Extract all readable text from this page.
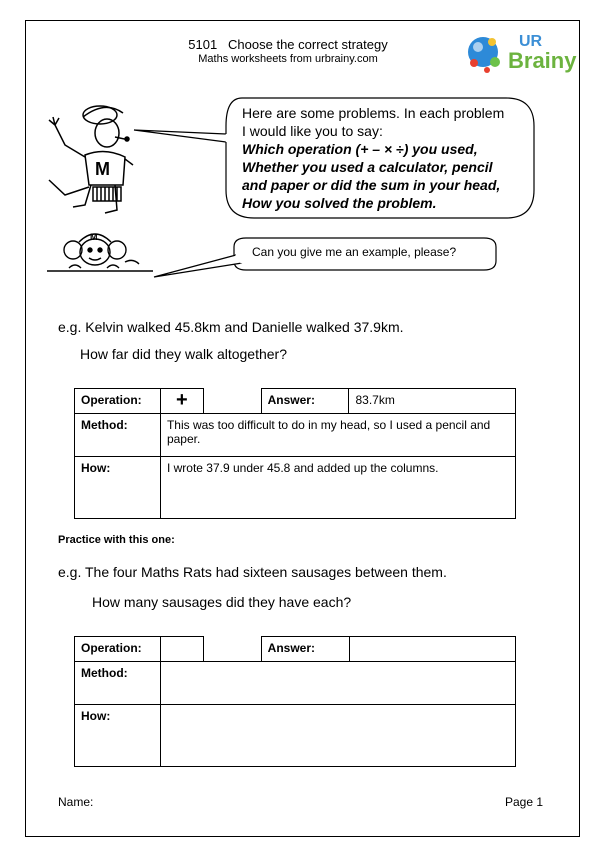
5101 Choose the correct strategy
Maths worksheets from urbrainy.com
UR
Brainy
M
Here are some problems. In each problem
I would like you to say:
Which operation (+ – × ÷) you used,
Whether you used a calculator, pencil
and paper or did the sum in your head,
How you solved the problem.
M
Can you give me an example, please?
e.g. Kelvin walked 45.8km and Danielle walked 37.9km.
How far did they walk altogether?
Operation:	+		Answer:	83.7km
Method:	This was too difficult to do in my head, so I used a pencil and paper.			
How:	I wrote 37.9 under 45.8 and added up the columns.			
Practice with this one:
e.g. The four Maths Rats had sixteen sausages between them.
How many sausages did they have each?
Operation:			Answer:	
Method:				
How:				
Name:	Page 1
